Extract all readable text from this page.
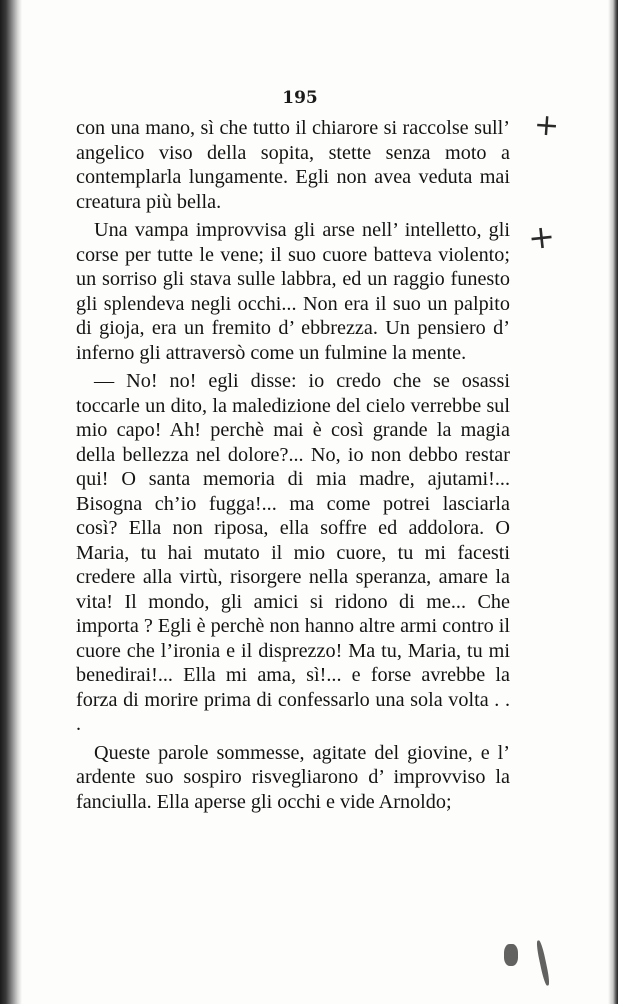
195

con una mano, sì che tutto il chiarore si raccolse sull’ angelico viso della sopita, stette senza moto a contemplarla lungamente. Egli non avea veduta mai creatura più bella.

Una vampa improvvisa gli arse nell’ intelletto, gli corse per tutte le vene; il suo cuore batteva violento; un sorriso gli stava sulle labbra, ed un raggio funesto gli splendeva negli occhi... Non era il suo un palpito di gioja, era un fremito d’ ebbrezza. Un pensiero d’ inferno gli attraversò come un fulmine la mente.

— No! no! egli disse: io credo che se osassi toccarle un dito, la maledizione del cielo verrebbe sul mio capo! Ah! perchè mai è così grande la magia della bellezza nel dolore?... No, io non debbo restar qui! O santa memoria di mia madre, ajutami!... Bisogna ch’io fugga!... ma come potrei lasciarla così? Ella non riposa, ella soffre ed addolora. O Maria, tu hai mutato il mio cuore, tu mi facesti credere alla virtù, risorgere nella speranza, amare la vita! Il mondo, gli amici si ridono di me... Che importa ? Egli è perchè non hanno altre armi contro il cuore che l’ironia e il disprezzo! Ma tu, Maria, tu mi benedirai!... Ella mi ama, sì!... e forse avrebbe la forza di morire prima di confessarlo una sola volta . . .

Queste parole sommesse, agitate del giovine, e l’ ardente suo sospiro risvegliarono d’ improvviso la fanciulla. Ella aperse gli occhi e vide Arnoldo;

+
+
